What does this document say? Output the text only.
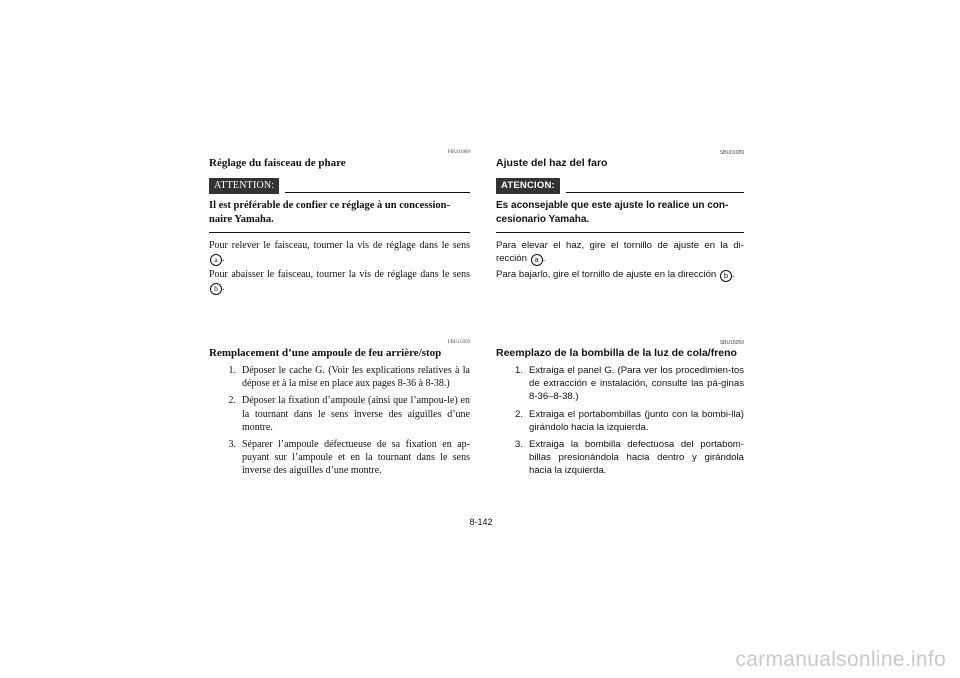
FBU01089
Réglage du faisceau de phare
ATTENTION:
Il est préférable de confier ce réglage à un concession-naire Yamaha.
Pour relever le faisceau, tourner la vis de réglage dans le sens a .
Pour abaisser le faisceau, tourner la vis de réglage dans le sens b .
FBU15050
Remplacement d’une ampoule de feu arrière/stop
1. Déposer le cache G. (Voir les explications relatives à la dépose et à la mise en place aux pages 8-36 à 8-38.)
2. Déposer la fixation d’ampoule (ainsi que l’ampou-le) en la tournant dans le sens inverse des aiguilles d’une montre.
3. Séparer l’ampoule défectueuse de sa fixation en ap-puyant sur l’ampoule et en la tournant dans le sens inverse des aiguilles d’une montre.
SBU01089
Ajuste del haz del faro
ATENCION:
Es aconsejable que este ajuste lo realice un con-cesionario Yamaha.
Para elevar el haz, gire el tornillo de ajuste en la di-rección a .
Para bajarlo, gire el tornillo de ajuste en la dirección b .
SBU15050
Reemplazo de la bombilla de la luz de cola/freno
1. Extraiga el panel G. (Para ver los procedimien-tos de extracción e instalación, consulte las pá-ginas 8-36–8-38.)
2. Extraiga el portabombillas (junto con la bombi-lla) girándolo hacia la izquierda.
3. Extraiga la bombilla defectuosa del portabom-billas presionándola hacia dentro y girándola hacia la izquierda.
8-142
carmanualsonline.info
